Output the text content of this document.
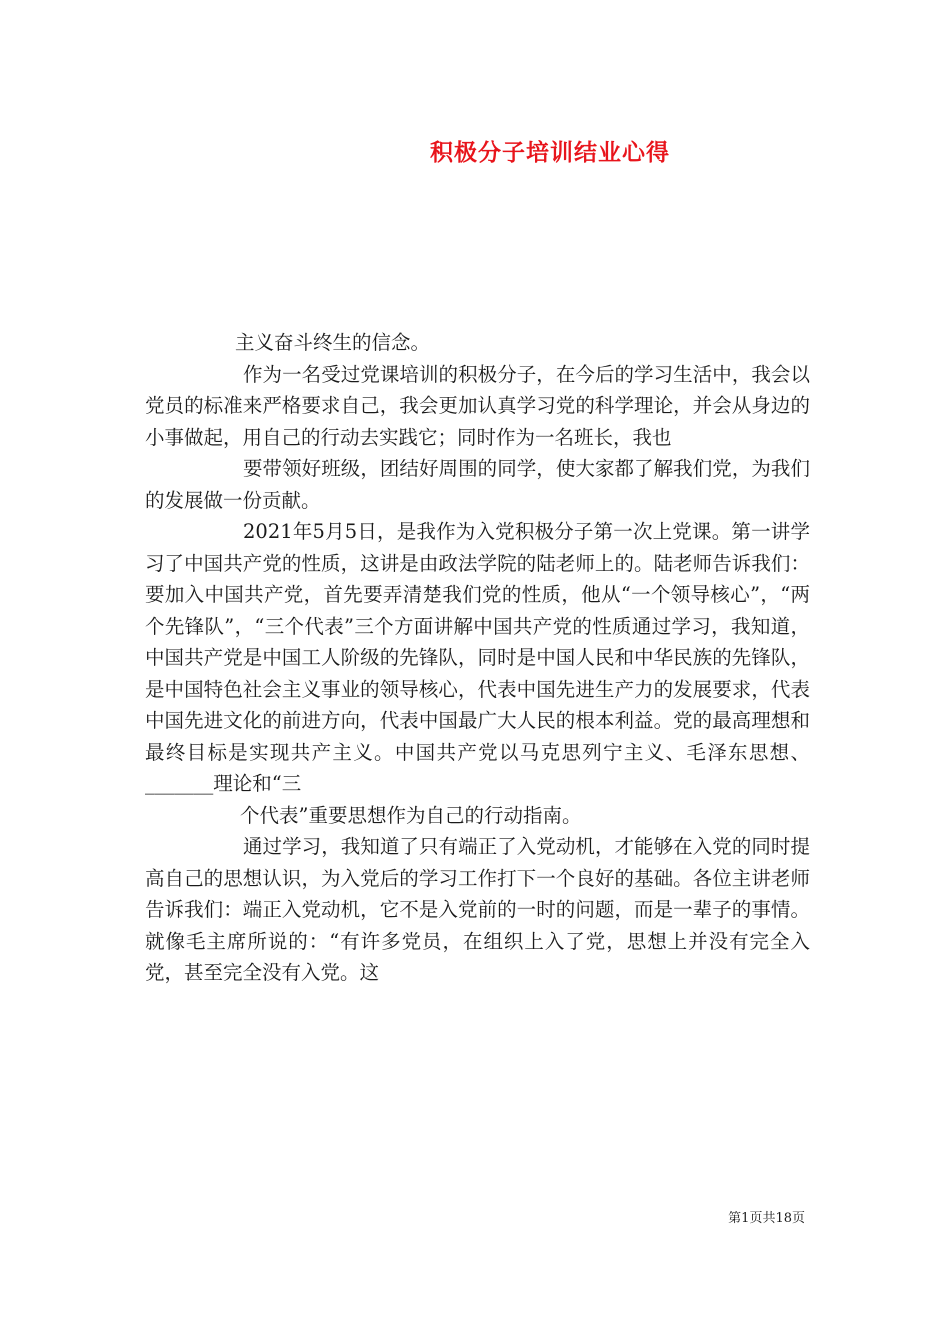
积极分子培训结业心得

主义奋斗终生的信念。

作为一名受过党课培训的积极分子，在今后的学习生活中，我会以党员的标准来严格要求自己，我会更加认真学习党的科学理论，并会从身边的小事做起，用自己的行动去实践它；同时作为一名班长，我也

要带领好班级，团结好周围的同学，使大家都了解我们党，为我们的发展做一份贡献。

2021年5月5日，是我作为入党积极分子第一次上党课。第一讲学习了中国共产党的性质，这讲是由政法学院的陆老师上的。陆老师告诉我们：要加入中国共产党，首先要弄清楚我们党的性质，他从“一个领导核心”，“两个先锋队”，“三个代表”三个方面讲解中国共产党的性质通过学习，我知道，中国共产党是中国工人阶级的先锋队，同时是中国人民和中华民族的先锋队，是中国特色社会主义事业的领导核心，代表中国先进生产力的发展要求，代表中国先进文化的前进方向，代表中国最广大人民的根本利益。党的最高理想和最终目标是实现共产主义。中国共产党以马克思列宁主义、毛泽东思想、_______理论和“三

个代表”重要思想作为自己的行动指南。

通过学习，我知道了只有端正了入党动机，才能够在入党的同时提高自己的思想认识，为入党后的学习工作打下一个良好的基础。各位主讲老师告诉我们：端正入党动机，它不是入党前的一时的问题，而是一辈子的事情。就像毛主席所说的：“有许多党员，在组织上入了党，思想上并没有完全入党，甚至完全没有入党。这

第1页共18页
